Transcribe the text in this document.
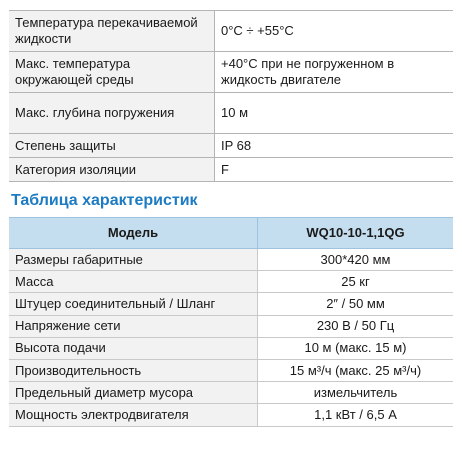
Температура перекачиваемой жидкости	0°C ÷ +55°C
Макс. температура окружающей среды	+40°C при не погруженном в жидкость двигателе
Макс. глубина погружения	10 м
Степень защиты	IP 68
Категория изоляции	F
Таблица характеристик
Модель	WQ10-10-1,1QG
Размеры габаритные	300*420 мм
Масса	25 кг
Штуцер соединительный / Шланг	2″ / 50 мм
Напряжение сети	230 В / 50 Гц
Высота подачи	10 м (макс. 15 м)
Производительность	15 м³/ч (макс. 25 м³/ч)
Предельный диаметр мусора	измельчитель
Мощность электродвигателя	1,1 кВт / 6,5 А
